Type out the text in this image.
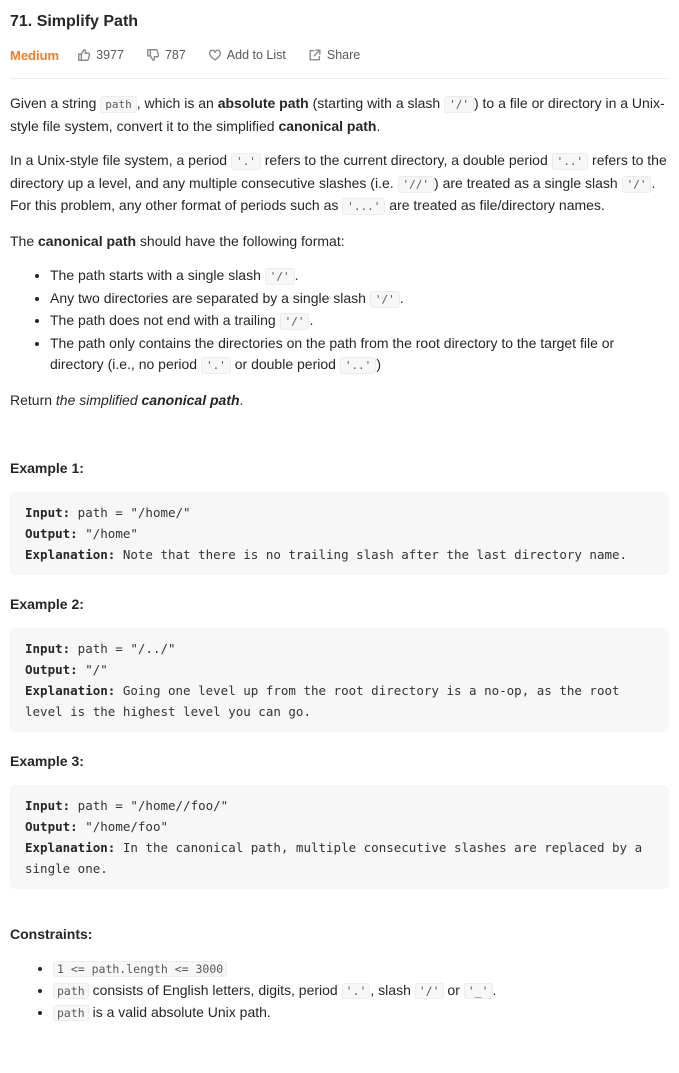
71. Simplify Path
Medium	3977	787	Add to List	Share

Given a string path , which is an absolute path (starting with a slash '/' ) to a file or directory in a Unix-style file system, convert it to the simplified canonical path.

In a Unix-style file system, a period '.' refers to the current directory, a double period '..' refers to the directory up a level, and any multiple consecutive slashes (i.e. '//' ) are treated as a single slash '/' . For this problem, any other format of periods such as '...' are treated as file/directory names.

The canonical path should have the following format:

• The path starts with a single slash '/' .
• Any two directories are separated by a single slash '/' .
• The path does not end with a trailing '/' .
• The path only contains the directories on the path from the root directory to the target file or directory (i.e., no period '.' or double period '..' )

Return the simplified canonical path.

Example 1:
Input: path = "/home/"
Output: "/home"
Explanation: Note that there is no trailing slash after the last directory name.
Example 2:
Input: path = "/../"
Output: "/"
Explanation: Going one level up from the root directory is a no-op, as the root level is the highest level you can go.
Example 3:
Input: path = "/home//foo/"
Output: "/home/foo"
Explanation: In the canonical path, multiple consecutive slashes are replaced by a single one.
Constraints:
• 1 <= path.length <= 3000
• path consists of English letters, digits, period '.' , slash '/' or '_' .
• path is a valid absolute Unix path.
